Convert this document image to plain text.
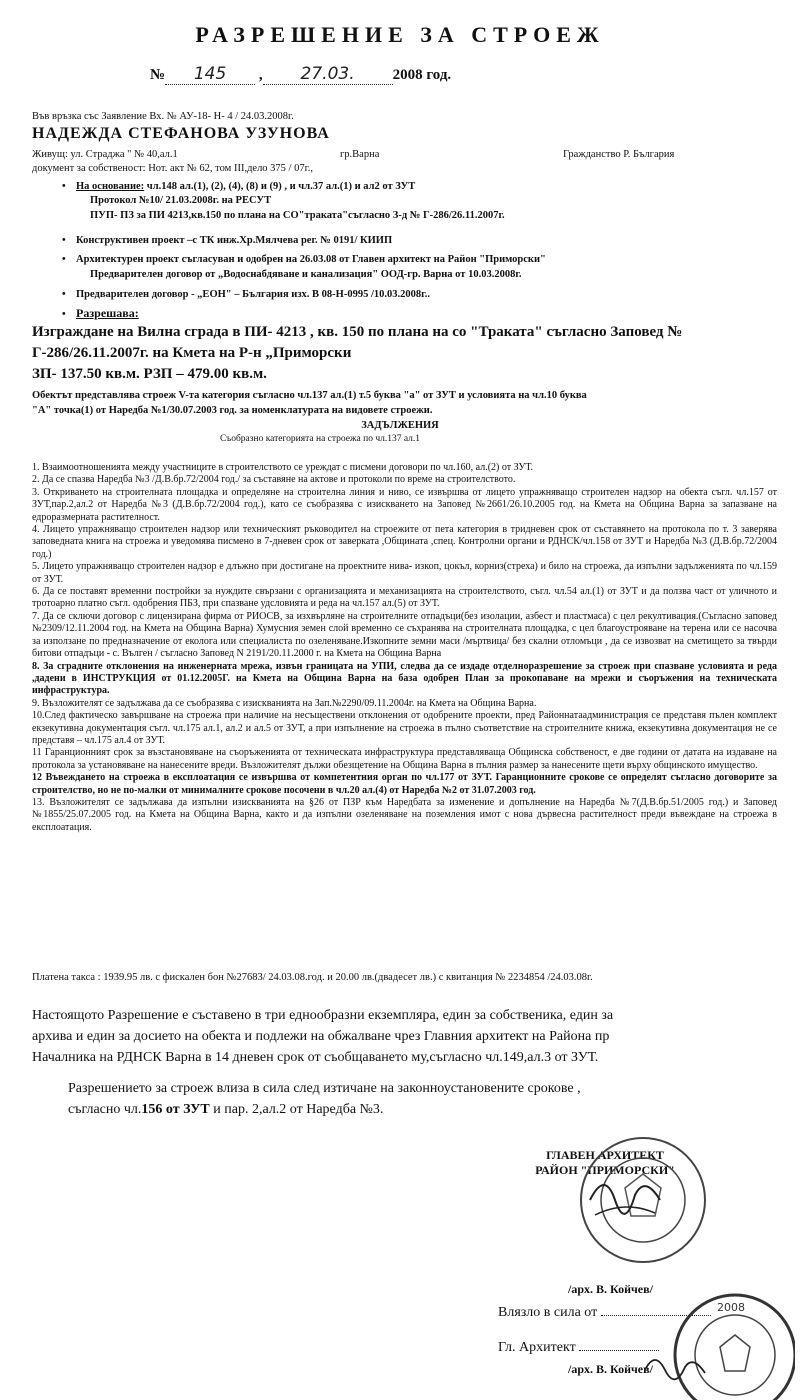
РАЗРЕШЕНИЕ ЗА СТРОЕЖ
№ 145 , 27.03.	2008 год.
Във връзка със Заявление Вх. № АУ-18- Н- 4 / 24.03.2008г.
НАДЕЖДА СТЕФАНОВА УЗУНОВА
Живущ: ул. Страджа " № 40,ал.1	гр.Варна	Гражданство Р. България
документ за собственост: Нот. акт № 62, том III,дело 375 / 07г.,
• На основание: чл.148 ал.(1), (2), (4), (8) и (9) , и чл.37 ал.(1) и ал2 от ЗУТ
Протокол №10/ 21.03.2008г. на РЕСУТ
ПУП- ПЗ за ПИ 4213,кв.150 по плана на СО"траката"съгласно З-д № Г-286/26.11.2007г.
• Конструктивен проект –с ТК инж.Хр.Мялчева рег. № 0191/ КИИП
• Архитектурен проект съгласуван и одобрен на 26.03.08 от Главен архитект на Район "Приморски"
Предварителен договор от „Водоснабдяване и канализация" ООД-гр. Варна от 10.03.2008г.
• Предварителен договор - „ЕОН" – България изх. В 08-Н-0995 /10.03.2008г..
• Разрешава:
Изграждане на Вилна сграда в ПИ- 4213 , кв. 150 по плана на со "Траката" съгласно Заповед №
Г-286/26.11.2007г. на Кмета на Р-н „Приморски
ЗП- 137.50 кв.м. РЗП – 479.00 кв.м.
Обектът представлява строеж V-та категория съгласно чл.137 ал.(1) т.5 буква "а" от ЗУТ и условията на чл.10 буква
"А" точка(1) от Наредба №1/30.07.2003 год. за номенклатурата на видовете строежи.
ЗАДЪЛЖЕНИЯ
Съобразно категорията на строежа по чл.137 ал.1

1. Взаимоотношенията между участниците в строителството се уреждат с писмени договори по чл.160, ал.(2) от ЗУТ.

2. Да се спазва Наредба №3 /Д.В.бр.72/2004 год./ за съставяне на актове и протоколи по време на строителството.

3. Откриването на строителната площадка и определяне на строителна линия и ниво, се извършва от лицето упражняващо строителен надзор на обекта съгл. чл.157 от ЗУТ,пар.2,ал.2 от Наредба №3 (Д.В.бр.72/2004 год.), като се съобразява с изискването на Заповед №2661/26.10.2005 год. на Кмета на Община Варна за запазване на едроразмерната растителност.

4. Лицето упражняващо строителен надзор или техническият ръководител на строежите от пета категория в тридневен срок от съставянето на протокола по т. 3 заверява заповедната книга на строежа и уведомява писмено в 7-дневен срок от заверката ,Общината ,спец. Контролни органи и РДНСК/чл.158 от ЗУТ и Наредба №3 (Д.В.бр.72/2004 год.)

5. Лицето упражняващо строителен надзор е длъжно при достигане на проектните нива- изкоп, цокъл, корниз(стреха) и било на строежа, да изпълни задълженията по чл.159 от ЗУТ.

6. Да се поставят временни постройки за нуждите свързани с организацията и механизацията на строителството, съгл. чл.54 ал.(1) от ЗУТ и да ползва част от уличното и тротоарно платно съгл. одобрения ПБЗ, при спазване удсловията и реда на чл.157 ал.(5) от ЗУТ.

7. Да се сключи договор с лицензирана фирма от РИОСВ, за изхвърляне на строителните отпадъци(без изолации, азбест и пластмаса) с цел рекултивация.(Съгласно заповед №2309/12.11.2004 год. на Кмета на Община Варна) Хумусния земен слой временно се съхранява на строителната площадка, с цел благоустрояване на терена или се насочва за използане по предназначение от еколога или специалиста по озеленяване.Изкопните земни маси /мъртвица/ без скални отломъци , да се извозват на сметището за твърди битови отпадъци - с. Вълген / съгласно Заповед N 2191/20.11.2000 г. на Кмета на Община Варна

8. За сградните отклонения на инженерната мрежа, извън границата на УПИ, следва да се издаде отделноразрешение за строеж при спазване условията и реда ,дадени в ИНСТРУКЦИЯ от 01.12.2005Г. на Кмета на Община Варна на база одобрен План за прокопаване на мрежи и съоръжения на техническата инфраструктура.

9. Възложителят се задължава да се съобразява с изискванията на Зап.№2290/09.11.2004г. на Кмета на Община Варна.

10.След фактическо завършване на строежа при наличие на несъществени отклонения от одобрените проекти, пред Районнатаадминистрация се представя пълен комплект екзекутивна документация съгл. чл.175 ал.1, ал.2 и ал.5 от ЗУТ, а при изпълнение на строежа в пълно съответствие на строителните книжа, екзекутивна документация не се представя – чл.175 ал.4 от ЗУТ.

11 Гаранционният срок за възстановяване на съоръженията от техническата инфраструктура представляваща Общинска собственост, е две години от датата на издаване на протокола за установяване на нанесените вреди. Възложителят дължи обезщетение на Община Варна в пълния размер за нанесените щети върху общинското имущество.

12 Въвеждането на строежа в експлоатация се извършва от компетентния орган по чл.177 от ЗУТ. Гаранционните срокове се определят съгласно договорите за строителство, но не по-малки от минималните срокове посочени в чл.20 ал.(4) от Наредба №2 от 31.07.2003 год.

13. Възложителят се задължава да изпълни изискванията на §26 от ПЗР към Наредбата за изменение и допълнение на Наредба №7(Д.В.бр.51/2005 год.) и Заповед №1855/25.07.2005 год. на Кмета на Община Варна, както и да изпълни озеленяване на поземления имот с нова дървесна растителност преди въвеждане на строежа в експлоатация.

Платена такса : 1939.95 лв. с фискален бон №27683/ 24.03.08.год. и 20.00 лв.(двадесет лв.) с квитанция № 2234854 /24.03.08г.
Настоящото Разрешение е съставено в три еднообразни екземпляра, един за собственика, един за
архива и един за досието на обекта и подлежи на обжалване чрез Главния архитект на Района пр
Началника на РДНСК Варна в 14 дневен срок от съобщаването му,съгласно чл.149,ал.3 от ЗУТ.
Разрешението за строеж влиза в сила след изтичане на законноустановените срокове ,
съгласно чл.156 от ЗУТ и пар. 2,ал.2 от Наредба №3.
ГЛАВЕН АРХИТЕКТ
РАЙОН "ПРИМОРСКИ"
/арх. В. Койчев/
Влязло в сила от
Гл. Архитект
/арх. В. Койчев/
2008
